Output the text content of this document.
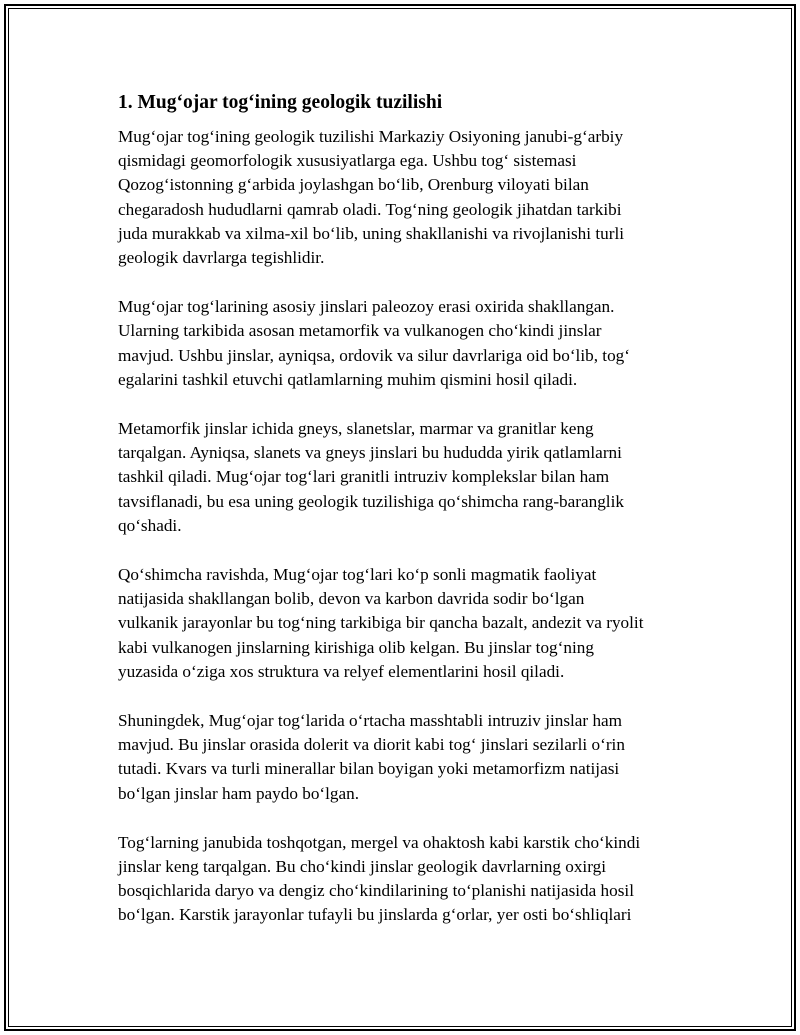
1. Mug‘ojar tog‘ining geologik tuzilishi
Mug‘ojar tog‘ining geologik tuzilishi Markaziy Osiyoning janubi-g‘arbiy
qismidagi geomorfologik xususiyatlarga ega. Ushbu tog‘ sistemasi
Qozog‘istonning g‘arbida joylashgan bo‘lib, Orenburg viloyati bilan
chegaradosh hududlarni qamrab oladi. Tog‘ning geologik jihatdan tarkibi
juda murakkab va xilma-xil bo‘lib, uning shakllanishi va rivojlanishi turli
geologik davrlarga tegishlidir.
Mug‘ojar tog‘larining asosiy jinslari paleozoy erasi oxirida shakllangan.
Ularning tarkibida asosan metamorfik va vulkanogen cho‘kindi jinslar
mavjud. Ushbu jinslar, ayniqsa, ordovik va silur davrlariga oid bo‘lib, tog‘
egalarini tashkil etuvchi qatlamlarning muhim qismini hosil qiladi.
Metamorfik jinslar ichida gneys, slanetslar, marmar va granitlar keng
tarqalgan. Ayniqsa, slanets va gneys jinslari bu hududda yirik qatlamlarni
tashkil qiladi. Mug‘ojar tog‘lari granitli intruziv komplekslar bilan ham
tavsiflanadi, bu esa uning geologik tuzilishiga qo‘shimcha rang-baranglik
qo‘shadi.
Qo‘shimcha ravishda, Mug‘ojar tog‘lari ko‘p sonli magmatik faoliyat
natijasida shakllangan bolib, devon va karbon davrida sodir bo‘lgan
vulkanik jarayonlar bu tog‘ning tarkibiga bir qancha bazalt, andezit va ryolit
kabi vulkanogen jinslarning kirishiga olib kelgan. Bu jinslar tog‘ning
yuzasida o‘ziga xos struktura va relyef elementlarini hosil qiladi.
Shuningdek, Mug‘ojar tog‘larida o‘rtacha masshtabli intruziv jinslar ham
mavjud. Bu jinslar orasida dolerit va diorit kabi tog‘ jinslari sezilarli o‘rin
tutadi. Kvars va turli minerallar bilan boyigan yoki metamorfizm natijasi
bo‘lgan jinslar ham paydo bo‘lgan.
Tog‘larning janubida toshqotgan, mergel va ohaktosh kabi karstik cho‘kindi
jinslar keng tarqalgan. Bu cho‘kindi jinslar geologik davrlarning oxirgi
bosqichlarida daryo va dengiz cho‘kindilarining to‘planishi natijasida hosil
bo‘lgan. Karstik jarayonlar tufayli bu jinslarda g‘orlar, yer osti bo‘shliqlari
